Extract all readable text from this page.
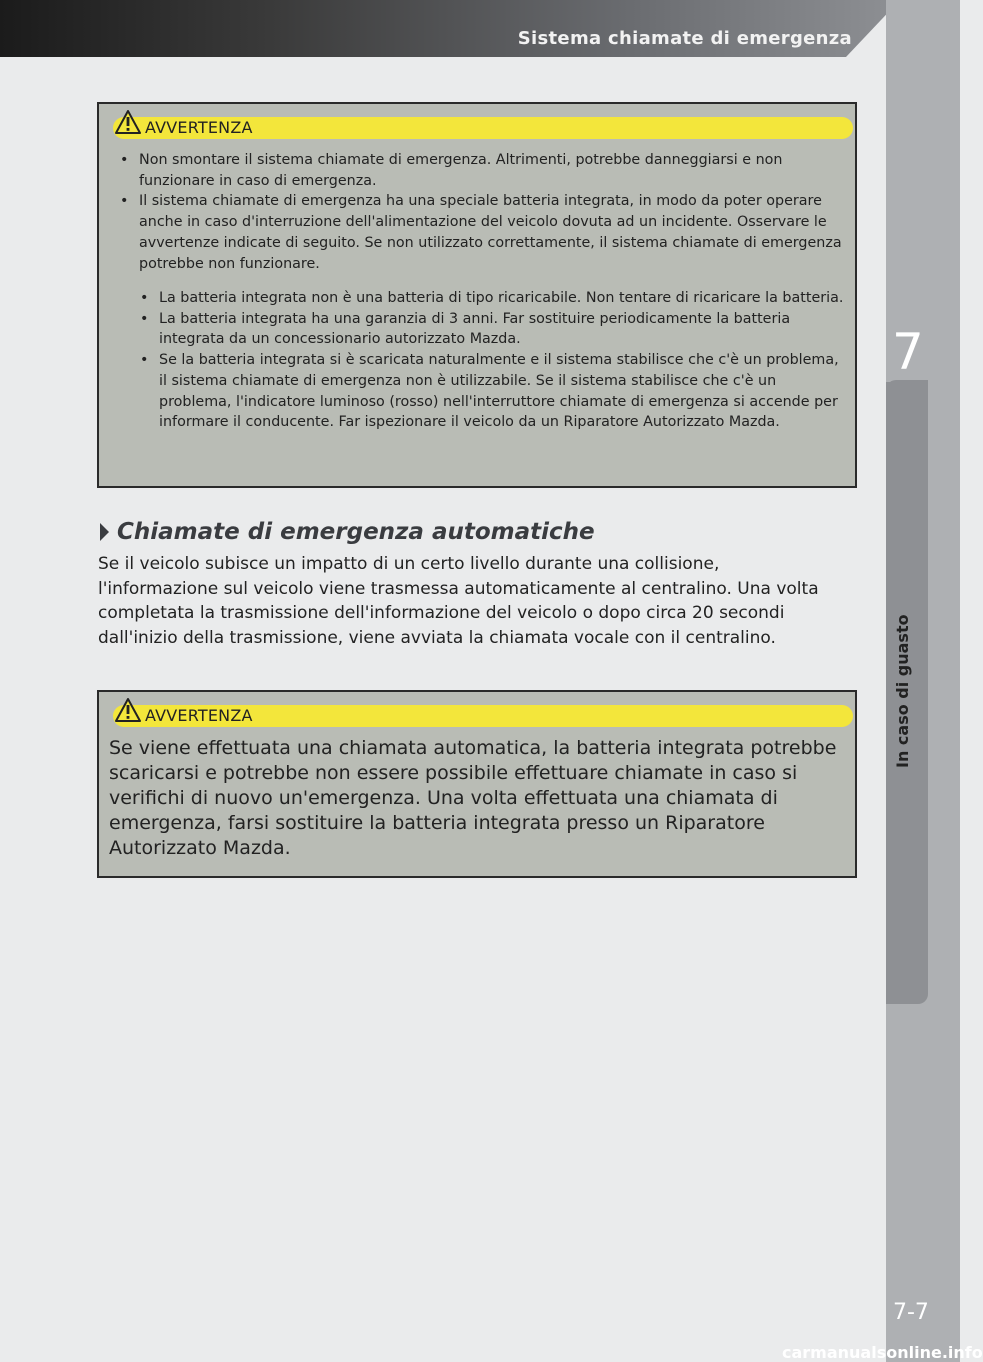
Sistema chiamate di emergenza
7
In caso di guasto
7-7
carmanualsonline.info
AVVERTENZA
• Non smontare il sistema chiamate di emergenza. Altrimenti, potrebbe danneggiarsi e non funzionare in caso di emergenza.
• Il sistema chiamate di emergenza ha una speciale batteria integrata, in modo da poter operare anche in caso d'interruzione dell'alimentazione del veicolo dovuta ad un incidente. Osservare le avvertenze indicate di seguito. Se non utilizzato correttamente, il sistema chiamate di emergenza potrebbe non funzionare.
• La batteria integrata non è una batteria di tipo ricaricabile. Non tentare di ricaricare la batteria.
• La batteria integrata ha una garanzia di 3 anni. Far sostituire periodicamente la batteria integrata da un concessionario autorizzato Mazda.
• Se la batteria integrata si è scaricata naturalmente e il sistema stabilisce che c'è un problema, il sistema chiamate di emergenza non è utilizzabile. Se il sistema stabilisce che c'è un problema, l'indicatore luminoso (rosso) nell'interruttore chiamate di emergenza si accende per informare il conducente. Far ispezionare il veicolo da un Riparatore Autorizzato Mazda.
Chiamate di emergenza automatiche
Se il veicolo subisce un impatto di un certo livello durante una collisione, l'informazione sul veicolo viene trasmessa automaticamente al centralino. Una volta completata la trasmissione dell'informazione del veicolo o dopo circa 20 secondi dall'inizio della trasmissione, viene avviata la chiamata vocale con il centralino.
AVVERTENZA
Se viene effettuata una chiamata automatica, la batteria integrata potrebbe scaricarsi e potrebbe non essere possibile effettuare chiamate in caso si verifichi di nuovo un'emergenza. Una volta effettuata una chiamata di emergenza, farsi sostituire la batteria integrata presso un Riparatore Autorizzato Mazda.
